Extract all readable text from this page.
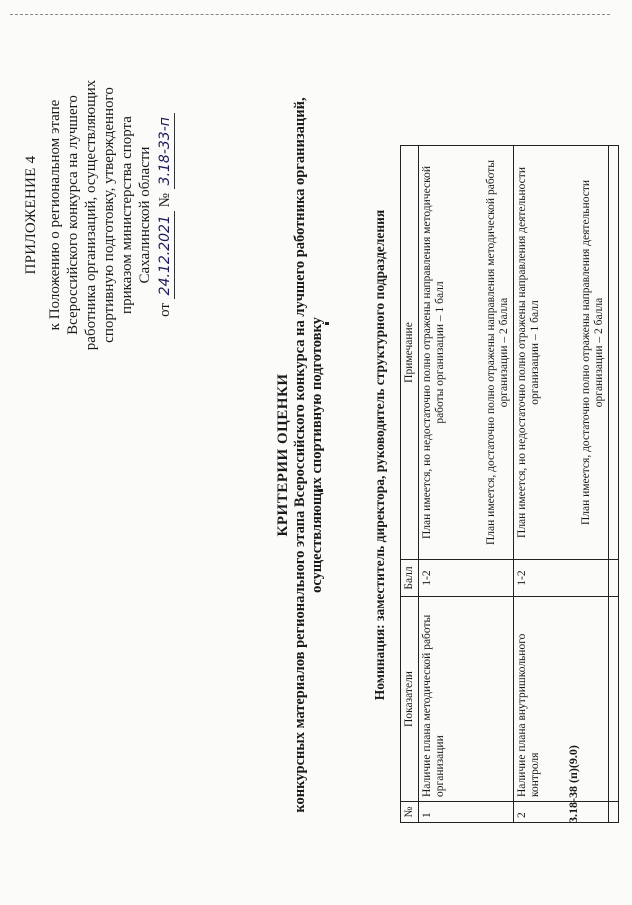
ПРИЛОЖЕНИЕ 4 к Положению о региональном этапе Всероссийского конкурса на лучшего работника организаций, осуществляющих спортивную подготовку, утвержденного приказом министерства спорта Сахалинской области
от 24.12.2021 № 3.18-33-п
КРИТЕРИИ ОЦЕНКИ конкурсных материалов регионального этапа Всероссийского конкурса на лучшего работника организаций, осуществляющих спортивную подготовку	Номинация: заместитель директора, руководитель структурного подразделения
№	Показатели	Балл	Примечание
1	Наличие плана методической работы организации	1-2	План имеется, но недостаточно полно отражены направления методической работы организации – 1 балл План имеется, достаточно полно отражены направления методической работы организации – 2 балла

2	Наличие плана внутришкольного контроля	1-2	План имеется, но недостаточно полно отражены направления деятельности организации – 1 балл План имеется, достаточно полно отражены направления деятельности организации – 2 балла

3.18-38 (п)(9.0)
